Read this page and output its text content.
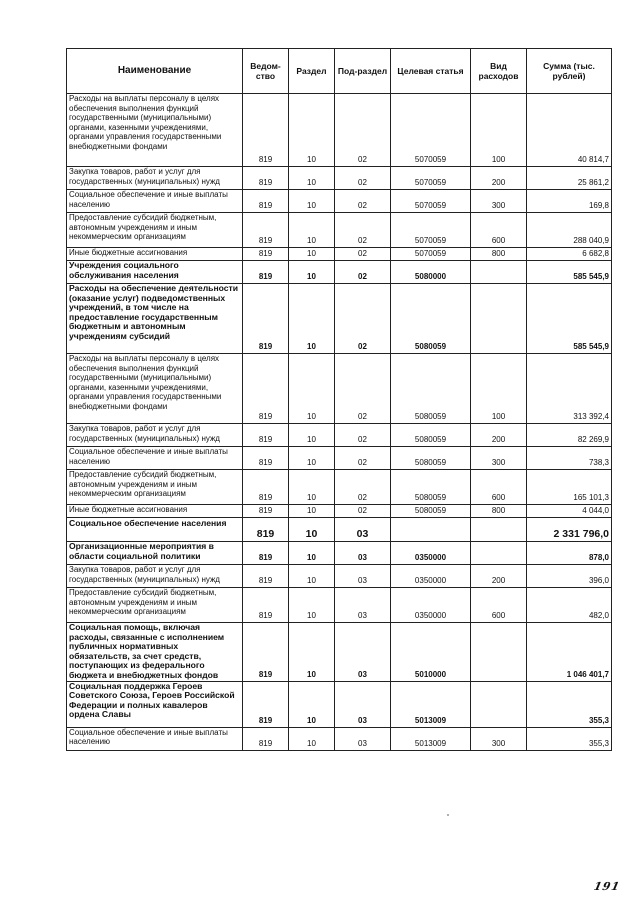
Наименование	Ведом-ство	Раздел	Под-раздел	Целевая статья	Вид расходов	Сумма (тыс. рублей)
Расходы на выплаты персоналу в целях обеспечения выполнения функций государственными (муниципальными) органами, казенными учреждениями, органами управления государственными внебюджетными фондами	819	10	02	5070059	100	40 814,7
Закупка товаров, работ и услуг для государственных (муниципальных) нужд	819	10	02	5070059	200	25 861,2
Социальное обеспечение и иные выплаты населению	819	10	02	5070059	300	169,8
Предоставление субсидий бюджетным, автономным учреждениям и иным некоммерческим организациям	819	10	02	5070059	600	288 040,9
Иные бюджетные ассигнования	819	10	02	5070059	800	6 682,8
Учреждения социального обслуживания населения	819	10	02	5080000		585 545,9
Расходы на обеспечение деятельности (оказание услуг) подведомственных учреждений, в том числе на предоставление государственным бюджетным и автономным учреждениям субсидий	819	10	02	5080059		585 545,9
Расходы на выплаты персоналу в целях обеспечения выполнения функций государственными (муниципальными) органами, казенными учреждениями, органами управления государственными внебюджетными фондами	819	10	02	5080059	100	313 392,4
Закупка товаров, работ и услуг для государственных (муниципальных) нужд	819	10	02	5080059	200	82 269,9
Социальное обеспечение и иные выплаты населению	819	10	02	5080059	300	738,3
Предоставление субсидий бюджетным, автономным учреждениям и иным некоммерческим организациям	819	10	02	5080059	600	165 101,3
Иные бюджетные ассигнования	819	10	02	5080059	800	4 044,0
Социальное обеспечение населения	819	10	03			2 331 796,0
Организационные мероприятия в области социальной политики	819	10	03	0350000		878,0
Закупка товаров, работ и услуг для государственных (муниципальных) нужд	819	10	03	0350000	200	396,0
Предоставление субсидий бюджетным, автономным учреждениям и иным некоммерческим организациям	819	10	03	0350000	600	482,0
Социальная помощь, включая расходы, связанные с исполнением публичных нормативных обязательств, за счет средств, поступающих из федерального бюджета и внебюджетных фондов	819	10	03	5010000		1 046 401,7
Социальная поддержка Героев Советского Союза, Героев Российской Федерации и полных кавалеров ордена Славы	819	10	03	5013009		355,3
Социальное обеспечение и иные выплаты населению	819	10	03	5013009	300	355,3
191
